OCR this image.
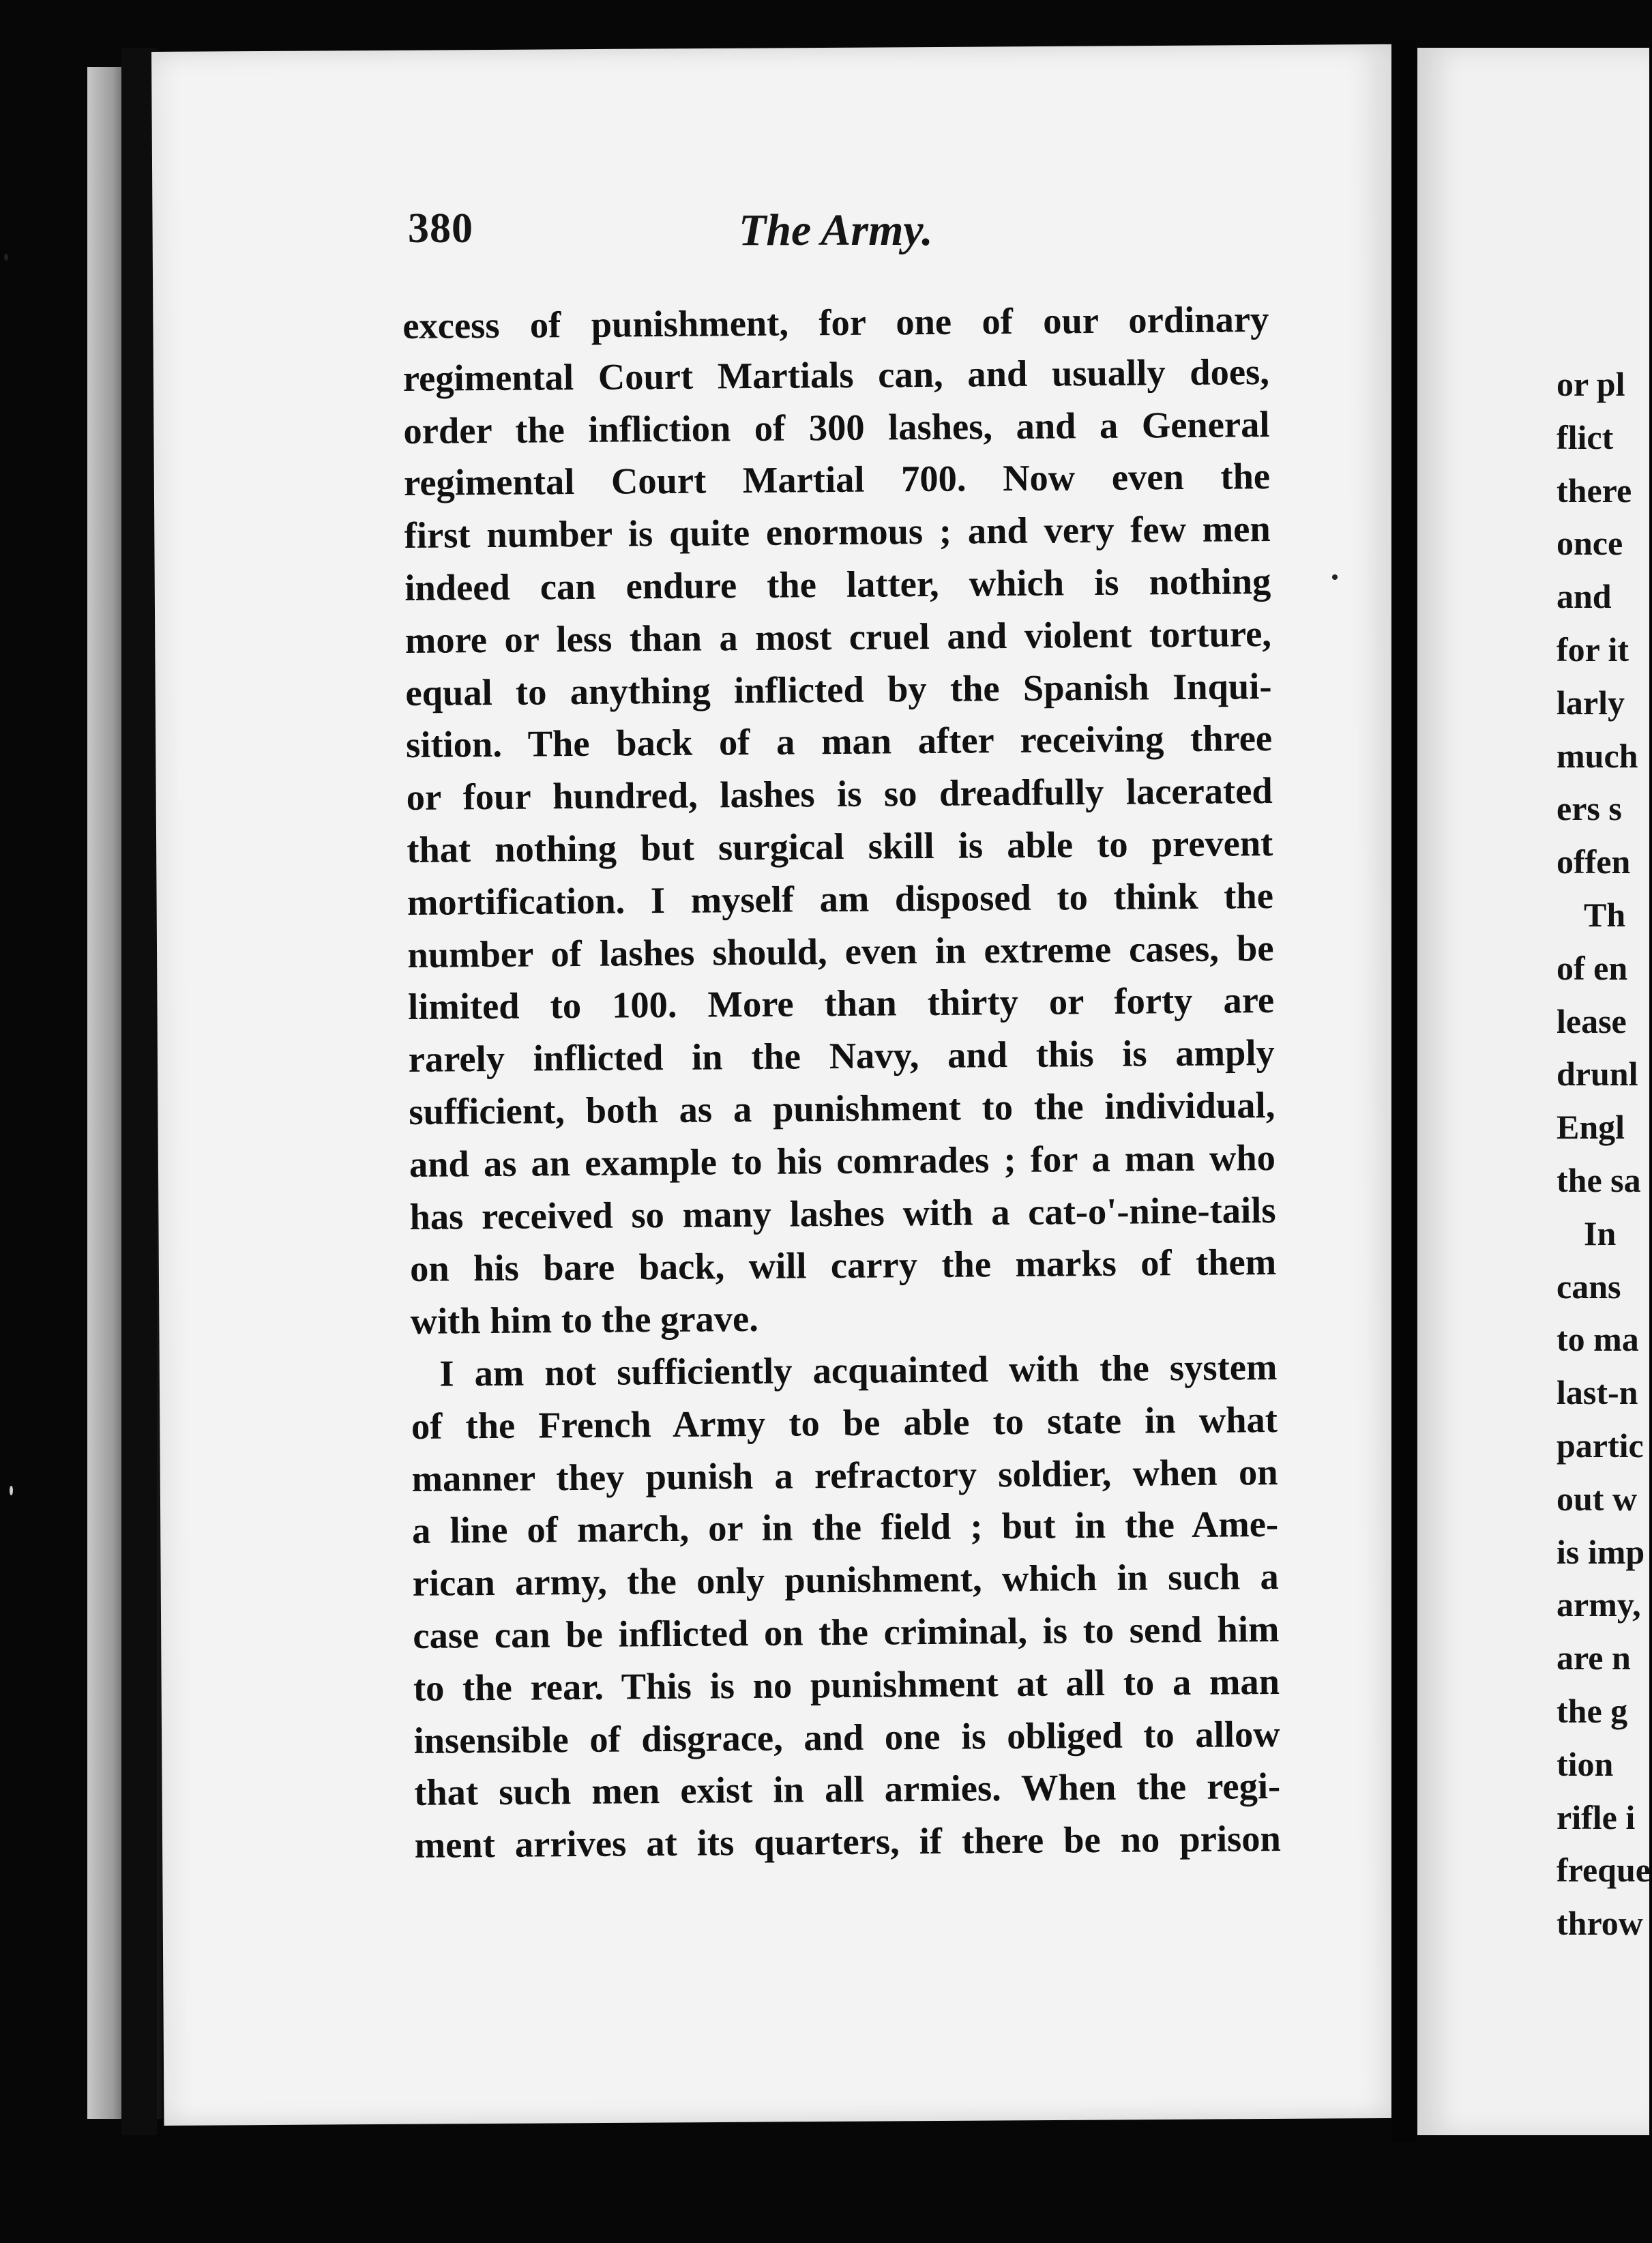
380	The Army.
excess of punishment, for one of our ordinary
regimental Court Martials can, and usually does,
order the infliction of 300 lashes, and a General
regimental Court Martial 700. Now even the
first number is quite enormous ; and very few men
indeed can endure the latter, which is nothing
more or less than a most cruel and violent torture,
equal to anything inflicted by the Spanish Inqui-
sition. The back of a man after receiving three
or four hundred, lashes is so dreadfully lacerated
that nothing but surgical skill is able to prevent
mortification. I myself am disposed to think the
number of lashes should, even in extreme cases, be
limited to 100. More than thirty or forty are
rarely inflicted in the Navy, and this is amply
sufficient, both as a punishment to the individual,
and as an example to his comrades ; for a man who
has received so many lashes with a cat-o'-nine-tails
on his bare back, will carry the marks of them
with him to the grave.
I am not sufficiently acquainted with the system
of the French Army to be able to state in what
manner they punish a refractory soldier, when on
a line of march, or in the field ; but in the Ame-
rican army, the only punishment, which in such a
case can be inflicted on the criminal, is to send him
to the rear. This is no punishment at all to a man
insensible of disgrace, and one is obliged to allow
that such men exist in all armies. When the regi-
ment arrives at its quarters, if there be no prison
or pl
flict
there
once
and
for it
larly
much
ers s
offen
Th
of en
lease
drunl
Engl
the sa
In
cans
to ma
last-n
partic
out w
is imp
army,
are n
the g
tion
rifle i
freque
throw
